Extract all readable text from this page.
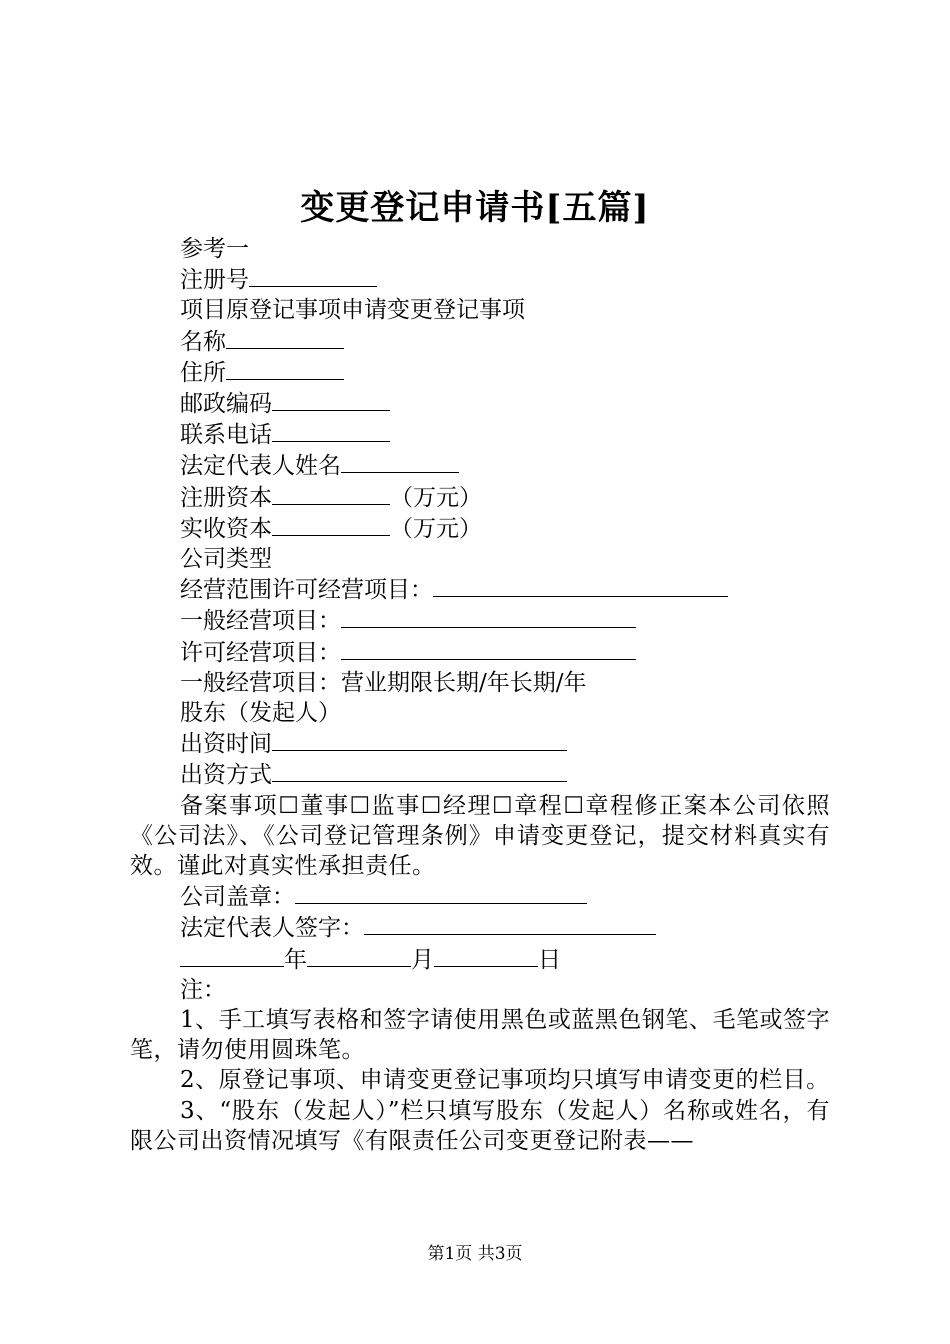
变更登记申请书[五篇]
参考一
注册号
项目原登记事项申请变更登记事项
名称
住所
邮政编码
联系电话
法定代表人姓名
注册资本	（万元）
实收资本	（万元）
公司类型
经营范围许可经营项目：
一般经营项目：
许可经营项目：
一般经营项目：营业期限长期/年长期/年
股东（发起人）
出资时间
出资方式
备案事项☐董事☐监事☐经理☐章程☐章程修正案本公司依照《公司法》、《公司登记管理条例》申请变更登记，提交材料真实有效。谨此对真实性承担责任。
公司盖章：
法定代表人签字：
年	月	日
注：
1、手工填写表格和签字请使用黑色或蓝黑色钢笔、毛笔或签字笔，请勿使用圆珠笔。
2、原登记事项、申请变更登记事项均只填写申请变更的栏目。
3、“股东（发起人）”栏只填写股东（发起人）名称或姓名，有限公司出资情况填写《有限责任公司变更登记附表——
第1页 共3页
